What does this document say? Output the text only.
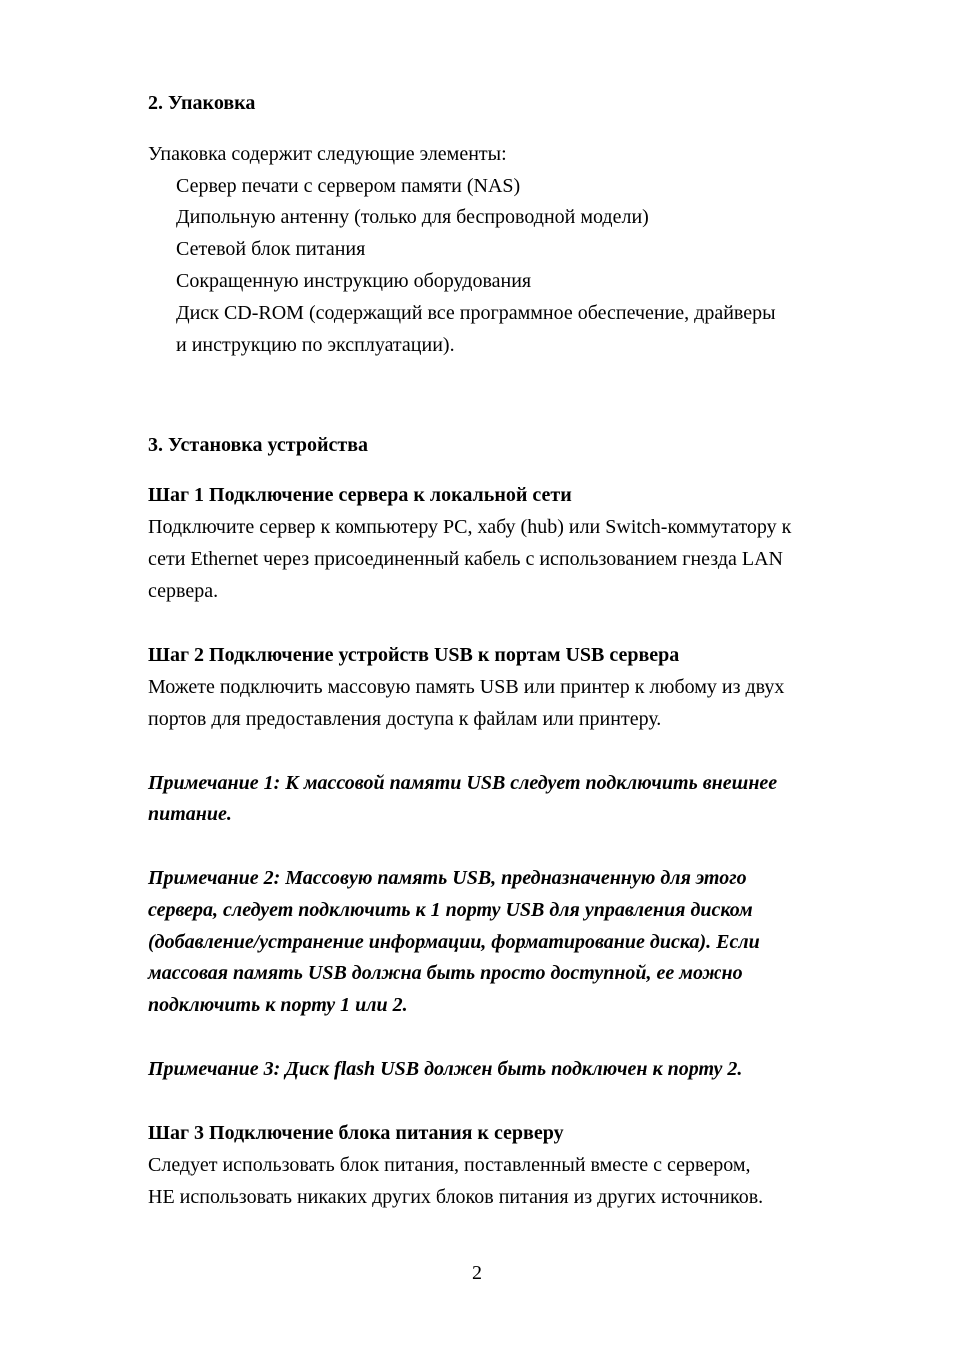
2. Упаковка
Упаковка содержит следующие элементы:
Сервер печати с сервером памяти (NAS)
Дипольную антенну (только для беспроводной модели)
Сетевой блок питания
Сокращенную инструкцию оборудования
Диск CD-ROM (содержащий все программное обеспечение, драйверы
и инструкцию по эксплуатации).
3. Установка устройства
Шаг 1 Подключение сервера к локальной сети
Подключите сервер к компьютеру PC, хабу (hub) или Switch-коммутатору к
сети Ethernet через присоединенный кабель с использованием гнезда LAN
сервера.
Шаг 2 Подключение устройств USB к портам USB сервера
Можете подключить массовую память USB или принтер к любому из двух
портов для предоставления доступа к файлам или принтеру.
Примечание 1: К массовой памяти USB следует подключить внешнее
питание.
Примечание 2: Массовую память USB, предназначенную для этого
сервера, следует подключить к 1 порту USB для управления диском
(добавление/устранение информации, форматирование диска). Если
массовая память USB должна быть просто доступной, ее можно
подключить к порту 1 или 2.
Примечание 3: Диск flash USB должен быть подключен к порту 2.
Шаг 3 Подключение блока питания к серверу
Следует использовать блок питания, поставленный вместе с сервером,
НЕ использовать никаких других блоков питания из других источников.
2
